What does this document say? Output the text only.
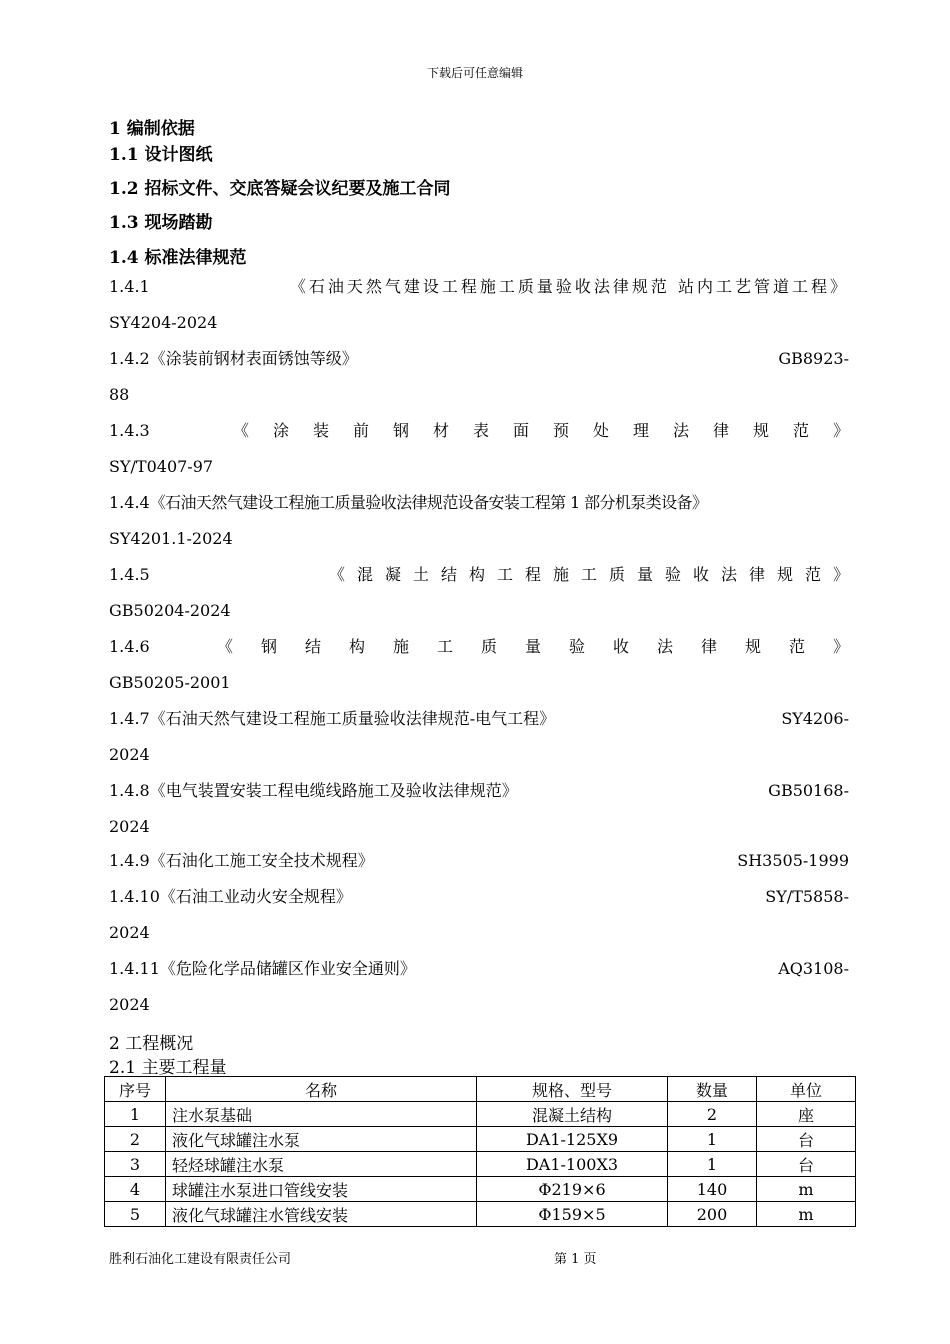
下载后可任意编辑

1 编制依据

1.1 设计图纸

1.2 招标文件、交底答疑会议纪要及施工合同

1.3 现场踏勘

1.4 标准法律规范

1.4.1	《石油天然气建设工程施工质量验收法律规范 站内工艺管道工程》
SY4204-2024
1.4.2《涂装前钢材表面锈蚀等级》	GB8923-
88
1.4.3	《涂装前钢材表面预处理法律规范》
SY/T0407-97
1.4.4《石油天然气建设工程施工质量验收法律规范设备安装工程第 1 部分机泵类设备》
SY4201.1-2024
1.4.5	《混凝土结构工程施工质量验收法律规范》
GB50204-2024
1.4.6	《钢结构施工质量验收法律规范》
GB50205-2001
1.4.7《石油天然气建设工程施工质量验收法律规范-电气工程》	SY4206-
2024
1.4.8《电气装置安装工程电缆线路施工及验收法律规范》	GB50168-
2024
1.4.9《石油化工施工安全技术规程》	SH3505-1999
1.4.10《石油工业动火安全规程》	SY/T5858-
2024
1.4.11《危险化学品储罐区作业安全通则》	AQ3108-
2024
2 工程概况
2.1 主要工程量
序号	名称	规格、型号	数量	单位
1	注水泵基础	混凝土结构	2	座
2	液化气球罐注水泵	DA1-125X9	1	台
3	轻烃球罐注水泵	DA1-100X3	1	台
4	球罐注水泵进口管线安装	Φ219×6	140	m
5	液化气球罐注水管线安装	Φ159×5	200	m
胜利石油化工建设有限责任公司	第 1 页
